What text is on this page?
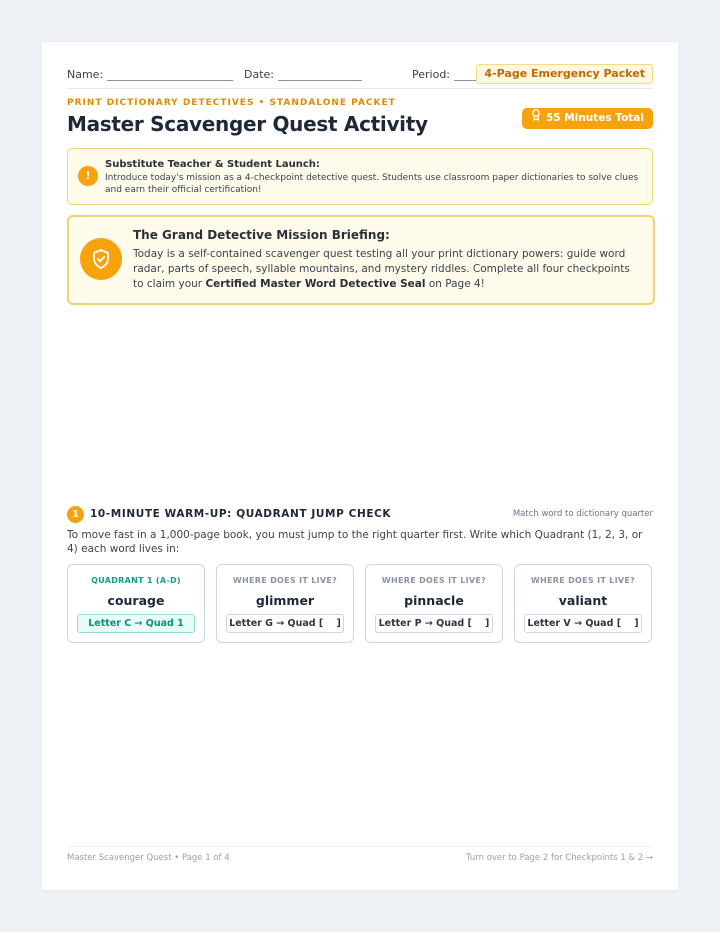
Name:	Date:	Period:	4-Page Emergency Packet
PRINT DICTIONARY DETECTIVES • STANDALONE PACKET
Master Scavenger Quest Activity	55 Minutes Total
!
Substitute Teacher & Student Launch:
Introduce today's mission as a 4-checkpoint detective quest. Students use classroom paper dictionaries to solve clues and earn their official certification!
The Grand Detective Mission Briefing:
Today is a self-contained scavenger quest testing all your print dictionary powers: guide word radar, parts of speech, syllable mountains, and mystery riddles. Complete all four checkpoints to claim your Certified Master Word Detective Seal on Page 4!
1	10-MINUTE WARM-UP: QUADRANT JUMP CHECK	Match word to dictionary quarter
To move fast in a 1,000-page book, you must jump to the right quarter first. Write which Quadrant (1, 2, 3, or 4) each word lives in:
QUADRANT 1 (A-D)
courage
Letter C → Quad 1
WHERE DOES IT LIVE?
glimmer
Letter G → Quad [    ]
WHERE DOES IT LIVE?
pinnacle
Letter P → Quad [    ]
WHERE DOES IT LIVE?
valiant
Letter V → Quad [    ]
Master Scavenger Quest • Page 1 of 4	Turn over to Page 2 for Checkpoints 1 & 2 →
